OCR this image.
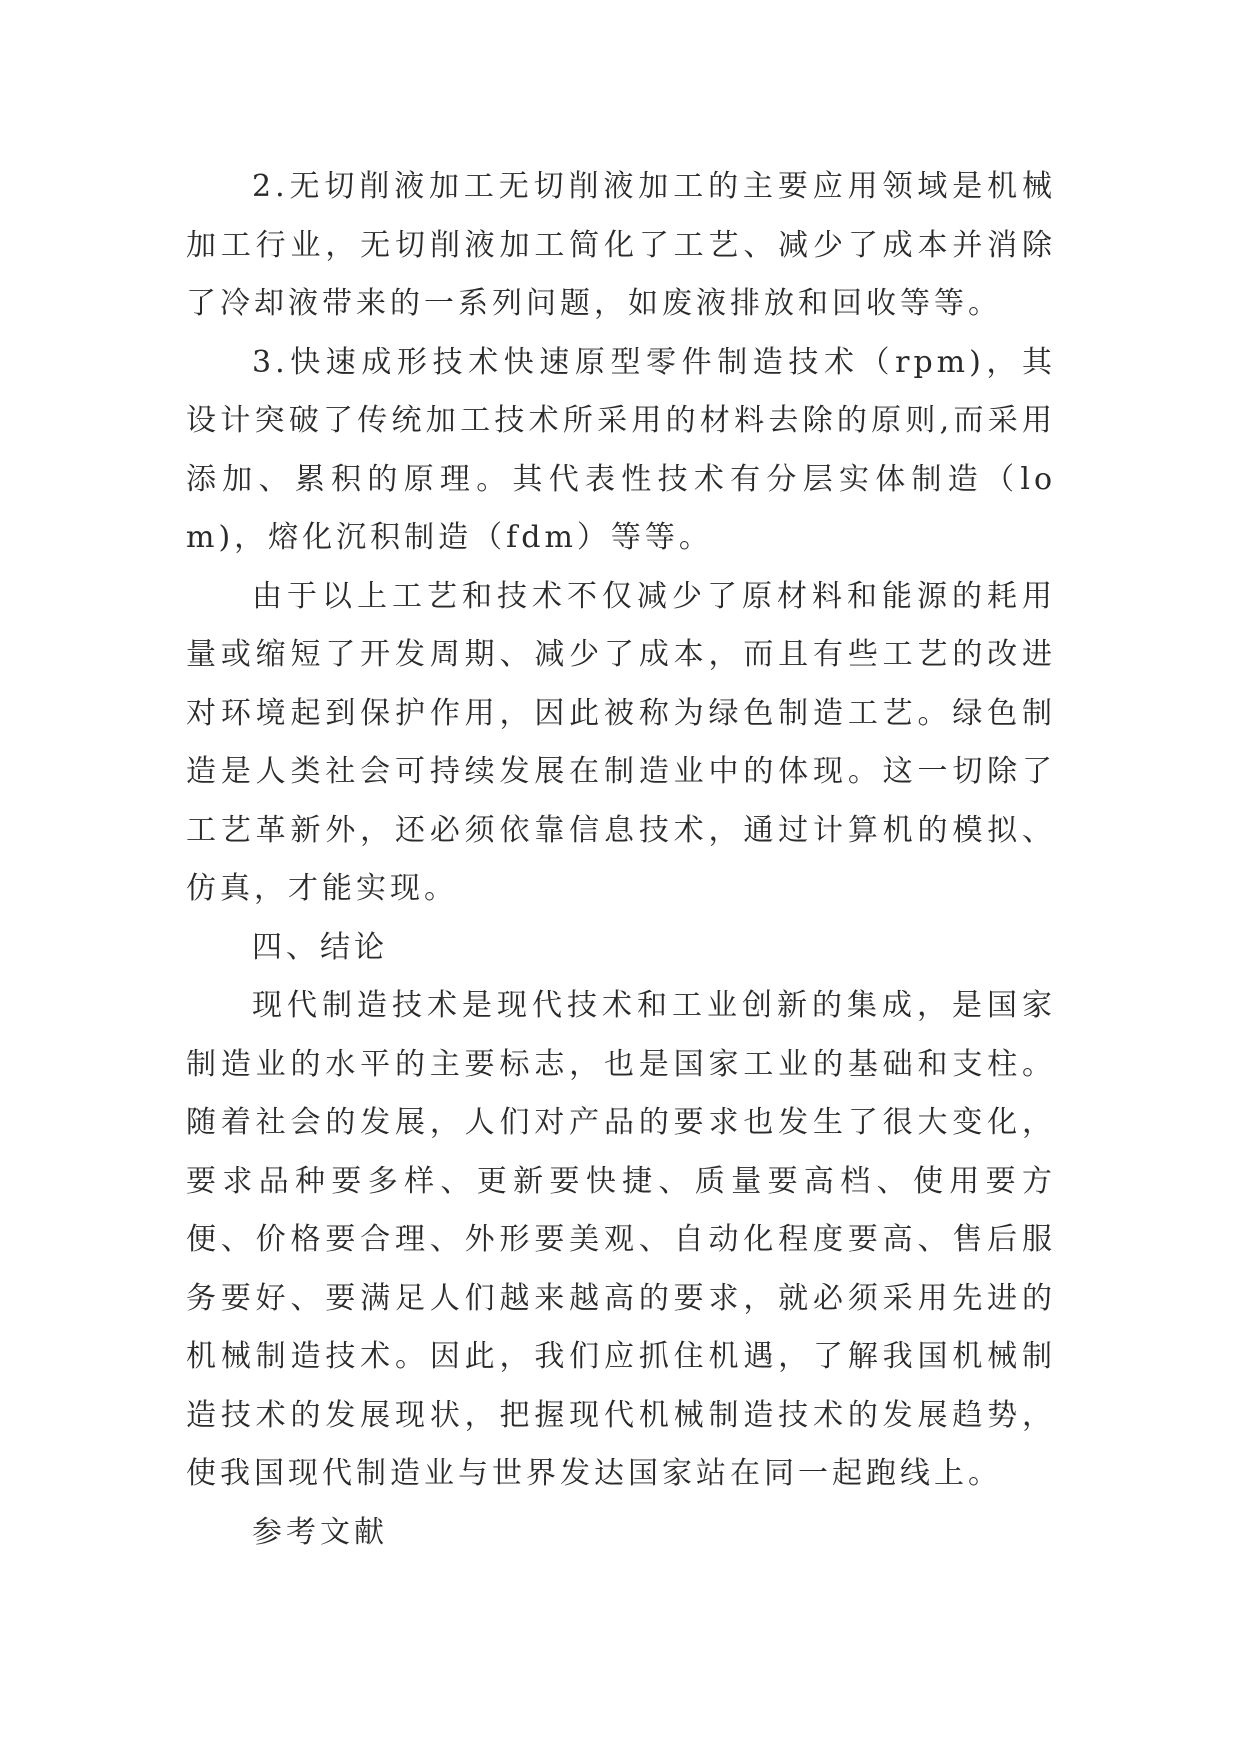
2.无切削液加工无切削液加工的主要应用领域是机械加工行业，无切削液加工简化了工艺、减少了成本并消除了冷却液带来的一系列问题，如废液排放和回收等等。

3.快速成形技术快速原型零件制造技术（rpm)，其设计突破了传统加工技术所采用的材料去除的原则,而采用添加、累积的原理。其代表性技术有分层实体制造（lom)，熔化沉积制造（fdm）等等。

由于以上工艺和技术不仅减少了原材料和能源的耗用量或缩短了开发周期、减少了成本，而且有些工艺的改进对环境起到保护作用，因此被称为绿色制造工艺。绿色制造是人类社会可持续发展在制造业中的体现。这一切除了工艺革新外，还必须依靠信息技术，通过计算机的模拟、仿真，才能实现。

四、结论

现代制造技术是现代技术和工业创新的集成，是国家制造业的水平的主要标志，也是国家工业的基础和支柱。随着社会的发展，人们对产品的要求也发生了很大变化，要求品种要多样、更新要快捷、质量要高档、使用要方便、价格要合理、外形要美观、自动化程度要高、售后服务要好、要满足人们越来越高的要求，就必须采用先进的机械制造技术。因此，我们应抓住机遇，了解我国机械制造技术的发展现状，把握现代机械制造技术的发展趋势，使我国现代制造业与世界发达国家站在同一起跑线上。

参考文献
